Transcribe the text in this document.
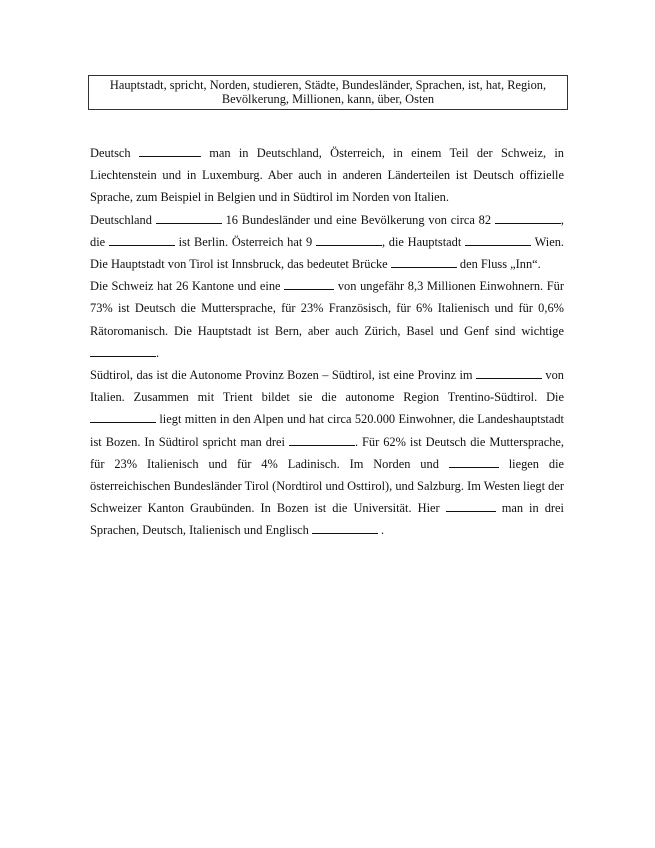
Hauptstadt, spricht, Norden, studieren, Städte, Bundesländer, Sprachen, ist, hat, Region, Bevölkerung, Millionen, kann, über, Osten

Deutsch	man in Deutschland, Österreich, in einem Teil der Schweiz, in Liechtenstein und in Luxemburg. Aber auch in anderen Länderteilen ist Deutsch offizielle Sprache, zum Beispiel in Belgien und in Südtirol im Norden von Italien.

Deutschland	16 Bundesländer und eine Bevölkerung von circa 82	, die	ist Berlin. Österreich hat 9	, die Hauptstadt	Wien. Die Hauptstadt von Tirol ist Innsbruck, das bedeutet Brücke	den Fluss „Inn“.

Die Schweiz hat 26 Kantone und eine	von ungefähr 8,3 Millionen Einwohnern. Für 73% ist Deutsch die Muttersprache, für 23% Französisch, für 6% Italienisch und für 0,6% Rätoromanisch. Die Hauptstadt ist Bern, aber auch Zürich, Basel und Genf sind wichtige .

Südtirol, das ist die Autonome Provinz Bozen – Südtirol, ist eine Provinz im	von Italien. Zusammen mit Trient bildet sie die autonome Region Trentino-Südtirol. Die  liegt mitten in den Alpen und hat circa 520.000 Einwohner, die Landeshauptstadt ist Bozen. In Südtirol spricht man drei	. Für 62% ist Deutsch die Muttersprache, für 23% Italienisch und für 4% Ladinisch. Im Norden und	liegen die österreichischen Bundesländer Tirol (Nordtirol und Osttirol), und Salzburg. Im Westen liegt der Schweizer Kanton Graubünden. In Bozen ist die Universität. Hier	man in drei Sprachen, Deutsch, Italienisch und Englisch	.
